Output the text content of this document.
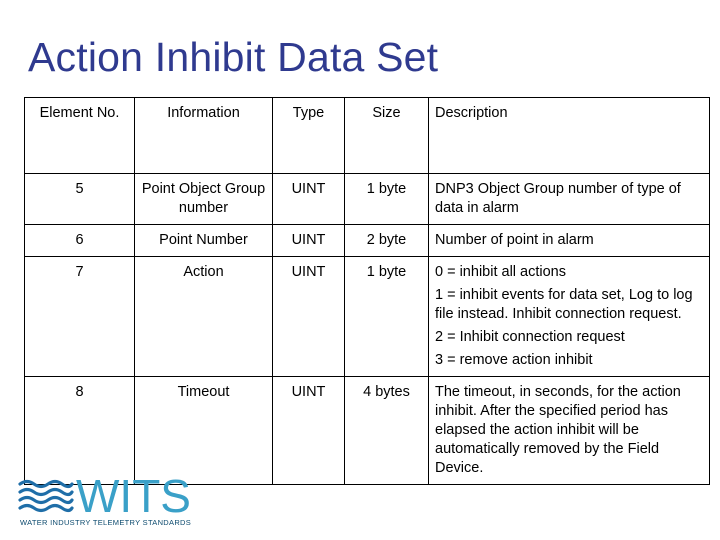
Action Inhibit Data Set
Element No.	Information	Type	Size	Description
5	Point Object Group number	UINT	1 byte	DNP3 Object Group number of type of data in alarm

6	Point Number	UINT	2 byte	Number of point in alarm

7	Action	UINT	1 byte	0 = inhibit all actions
1 = inhibit events for data set, Log to log file instead. Inhibit connection request.
2 = Inhibit connection request
3 = remove action inhibit

8	Timeout	UINT	4 bytes	The timeout, in seconds, for the action inhibit. After the specified period has elapsed the action inhibit will be automatically removed by the Field Device.
WITS
WATER INDUSTRY TELEMETRY STANDARDS
